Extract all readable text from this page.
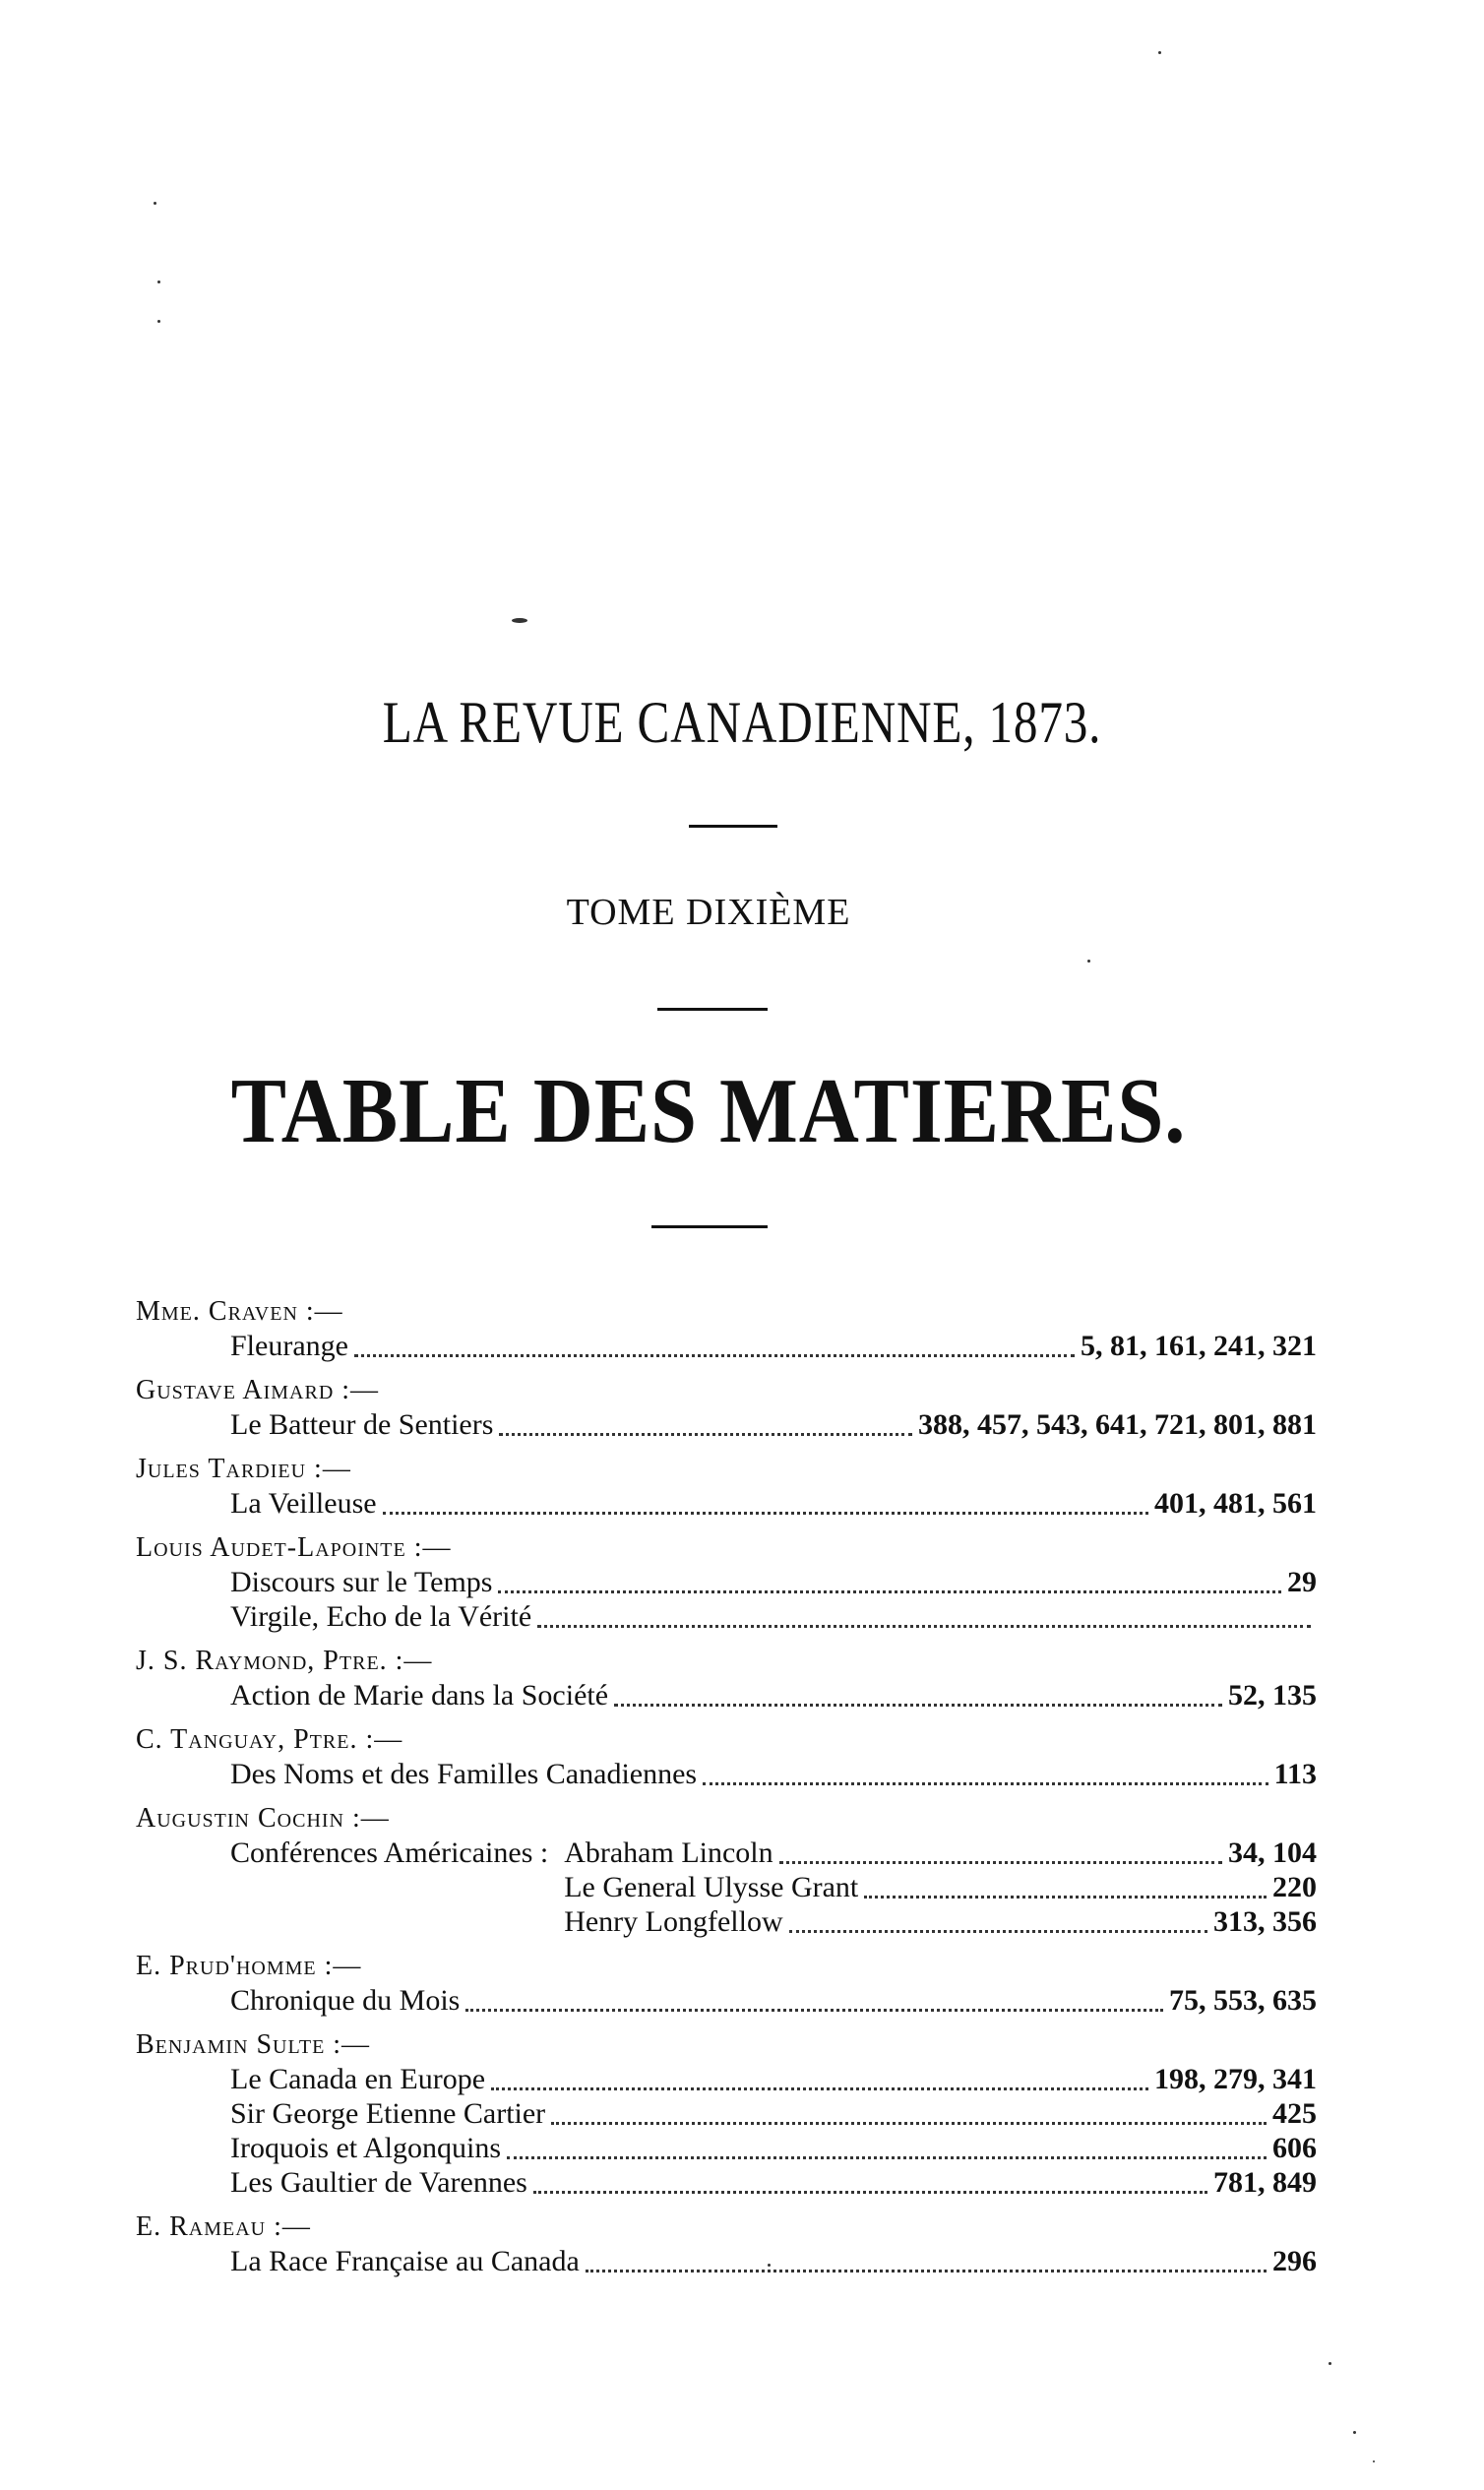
LA REVUE CANADIENNE, 1873.
TOME DIXIÈME
TABLE DES MATIERES.
Mme. Craven :—
Fleurange	5, 81, 161, 241, 321
Gustave Aimard :—
Le Batteur de Sentiers	388, 457, 543, 641, 721, 801, 881
Jules Tardieu :—
La Veilleuse	401, 481, 561
Louis Audet-Lapointe :—
Discours sur le Temps	29
Virgile, Echo de la Vérité
J. S. Raymond, Ptre. :—
Action de Marie dans la Société	52, 135
C. Tanguay, Ptre. :—
Des Noms et des Familles Canadiennes	113
Augustin Cochin :—
Conférences Américaines : Abraham Lincoln	34, 104
Le General Ulysse Grant	220
Henry Longfellow	313, 356
E. Prud'homme :—
Chronique du Mois	75, 553, 635
Benjamin Sulte :—
Le Canada en Europe	198, 279, 341
Sir George Etienne Cartier	425
Iroquois et Algonquins	606
Les Gaultier de Varennes	781, 849
E. Rameau :—
La Race Française au Canada	296
